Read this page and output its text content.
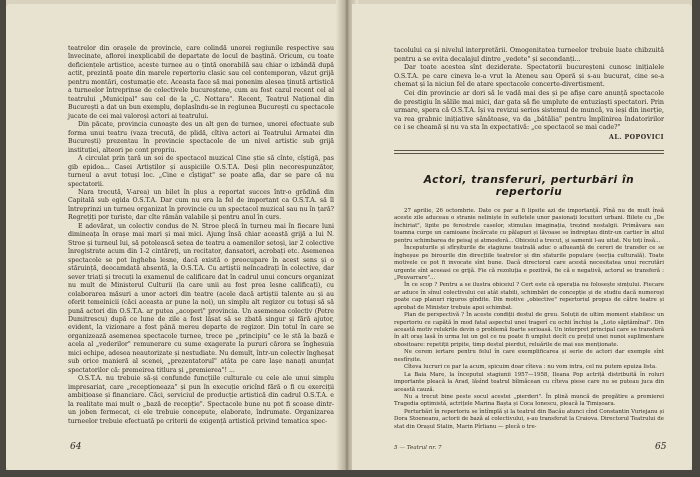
teatrelor din orașele de provincie, care colindă unorei regiunile respective sau învecinate, aflorei inexplicabil de departate de locul de baștină. Oricum, cu toate deficiențele artistice, aceste turnee au o țintă onorabilă sau chiar o izbândă după actit, prezintă poate din marele repertoriu clasic sau cel contemporan, văzut grijă pentru montări, costumație etc. Aceasta face să mai ponenim alesea ținută artistică a turneelor întreprinse de colectivele bucureștene, cum au fost cazul recent cel al teatrului „Municipal" sau cel de la „C. Nottara". Recent, Teatrul Național din București a dat un bun exemplu, deplasîndu-se in regiunea București cu spectacole jucate de cei mai valoroși actori ai teatrului.

Din păcate, provincia cunoaște des un alt gen de turnee, unorei efectuate sub forma unui teatru (vaza trecută, de plidă, cîtiva actori ai Teatrului Armatei din București) prezentau în provincie spectacole de un nivel artistic sub grijă instituției, alteori pe cont propriu.

A circulat prin țară un soi de spectacol muzical Cine știe să cînte, cîștigă, pas gib epidoa... Casei Artiștilor și auspiciile O.S.T.A. Deși plin necorespunzător, turneul a avut totuși loc. „Cine e cîștigat" se poate afla, dar se pare că nu spectatorii.

Nara trecută, V-area) un bilet în plus a reportat succes într-o grădină din Capitală sub egida O.S.T.A. Dar cum nu era la fel de important ca O.S.T.A. să îl întreprinzi un turneu organizat în provincie cu un spectacol muzical sau nu în țară? Regrețiți por turiste, dar cîte rămân valabile și pentru anul în curs.

E adevărat, un colectiv condus de N. Stroe plecă în turneu mai în fiecare luni dimineața în orașe mai mari și mai mici. Ajung însă chiar această grijă a lui N. Stroe și turneul lui, să potolească setea de teatru a oamenilor setoși, iar 2 colective înregistrate acum din 1-2 cintăreți, un recitator, dansatori, acrobați etc. Asemenea spectacole se pot îngheba lesne, dacă există o preocupare în acest sens și o stăruință, deocamdată absentă, la O.S.T.A. Cu artiștii neîncadrați în colective, dar sever triați și trecuți la examenul de calificare dat în cadrul unui concurs organizat nu mult de Ministerul Culturii (la care unii au fost prea lesne calificați), cu colaborarea măsuri a unor actori din teatre (acele dacă artiștii talente au și au oferit temeinicii (căci aceasta ar pune la noi), un simplu alt regizor cu totuși să să pună actori din O.S.T.A. ar putea „acoperi" provincia. Un asemenea colectiv (Petre Dumitrescu) după ce lune de zile a fost lăsat să se zbată singur și fără ajutor, evident, la vizionare a fost până mereu departe de regizor. Din totul în care se organizează asemenea spectacole turnee, trece pe „principiu" ce le stă la bază e acela al „vederilor" remunerare cu sume exagerate la pururi cărora se înghesuia mici echipe, adesea neautorizate și nestudiate. Nu demult, într-un colectiv îngheșat sub orice manieră al scenei, „prezentatorul" atâta pe care lașe nanați anunțat spectatorilor că: premeirea titlura și „premierea"! ...

O.S.T.A. nu trebuie să-și confunde funcțiile culturale cu cele ale unui simplu impresariat, care „recepționeaza" și pun în execuție oricînd fără o fi cu exerciții ambițioase și financiare. Căci, serviciul de producție artistică din cadrul O.S.T.A. e la realitate mai mult o „bază de recepție". Spectacole bune nu pot fi scoase dintr-un joben fermecat, ci ele trebuie concepute, elaborate, îndrumate. Organizarea turneelor trebuie efectuată pe criterii de exigență artistică privind tematica spec-

64

tacolului ca și nivelul interpretării. Omogenitatea turneelor trebuie luate chibzuită pentru a se evita decalajul dintre „vedete" și secondanți...

Dar toate acestea sînt deziderate. Spectatorii bucureșteni cunosc inițialele O.S.T.A. pe care cineva le-a vrut la Ateneu sau Operă și s-au bucurat, cine se-a chemat și la niciun fel de atare spectacole concerte-divertisment.

Cei din provincie ar dori să le vadă mai des și pe afișe care anunță spectacole de prestigiu în sălile mai mici, dar gata să fie umplute de entuziaști spectatori. Prin urmare, spera că O.S.T.A. își va revizui serios sistemul de muncă, va ieși din inerție, va rea grabnic inițiative sănătoase, va da „bătălia" pentru împlinirea îndatoririlor ce i se cheamă și nu va sta în expectativă: „ce spectacol se mai cade?"

AL. POPOVICI
Actori, transferuri, perturbări în repertoriu

27 aprilie, 26 octombrie. Date ce par a fi lipsite azi de importanță. Pînă nu de mult însă aceste zile aduceau o stranie neliniște în sufletele unor pasionați locuitori urbani. Bilete cu „De închiriat", lipite pe ferestrele caselor, stimulau imaginația, trezind nostalgii. Primăvara sau toamna curge un camioane încărcate cu pălapuri și lăvoase se îndreptau dintr-un cartier în altul pentru schimbarea de peisaj și atmosferă... Obiceiul a trecut, și samenii l-au uitat. Nu toți însă...

Începuturile și sfîrșiturile de stagiune teatrală aduc o aflueanță de cereri de transfer ce se îngheșue pe birourile din direcțiile teatrelor și din sfaturile populare (secția culturală). Toate motivele ce pot fi invocate sînt bune. Dacă directorul care acestă necesitatea unui recrutări urgente sînt aceeasi ce grijă. Fie că rezoluția e pozitivă, fie că e negativă, actorul se transferă : „Peuvarrare"...

În ce scop ? Pentru a se ilustra obiceiul ? Cert este că operația nu folosește simțului. Fiecare ar aduce în sînul colectivului cei atât stabili, schimbări de concepție și de studiu dacă numeroși poate cap planuri riguros gîndite. Din motive „obiective" repertoriul propus de către teatre și aprobat de Minister trebuie apoi schimbat.

Plan de perspectivă ? În aceste condiții destul de greu. Soluții de ultim moment stabilesc un repertoriu ce capătă în mod fatal aspectul unei tragerî cu ochii închiși la „Loto săptămînal". Din această motiv relukrile devin o problemă foarte serioasă. Un interpret principal care se transferă în alt oraș lasă în urma lui un gol ce nu poate fi umplut decît cu prețul unei nunoi suplimentare obositoare: repetiții pripite, timp destul pierdut, reluările de mai sus menționate.

Ne cerem iertare pentru felul în care exemplificarea și serie de actori dar exemple sînt nesfîrșite.

Cîteva lucruri ce par la acum, spicuim doar cîteva : nu vom intra, cel nu putem epuiza lista.

La Baia Mare, la începutul stagiunii 1957—1958, Ileana Pop actriță distribuită în roluri importante pleacă la Arad, lăsînd teatrul bîlmăcean cu cîteva piese care nu se puteau juca din această cauză.

Nu a trecut bine peste socul acestei „pierderi". În plină muncă de pregătire a premierei Tragedia optimistă, actrițele Marina Bașta și Coca Ionescu, pleacă la Timișoara.

Perturbări în repertoriu se întîmplă și la teatrul din Bacău atunci cînd Constantin Vuriejanu și Dora Stoeneanu, actorii de bază al colectivului, s-au transferat la Craiova. Directorul Teatrului de stat din Orașul Stalin, Marin Pîrlianu — plecă o tre-

5 — Teatrul nr. 7	65
